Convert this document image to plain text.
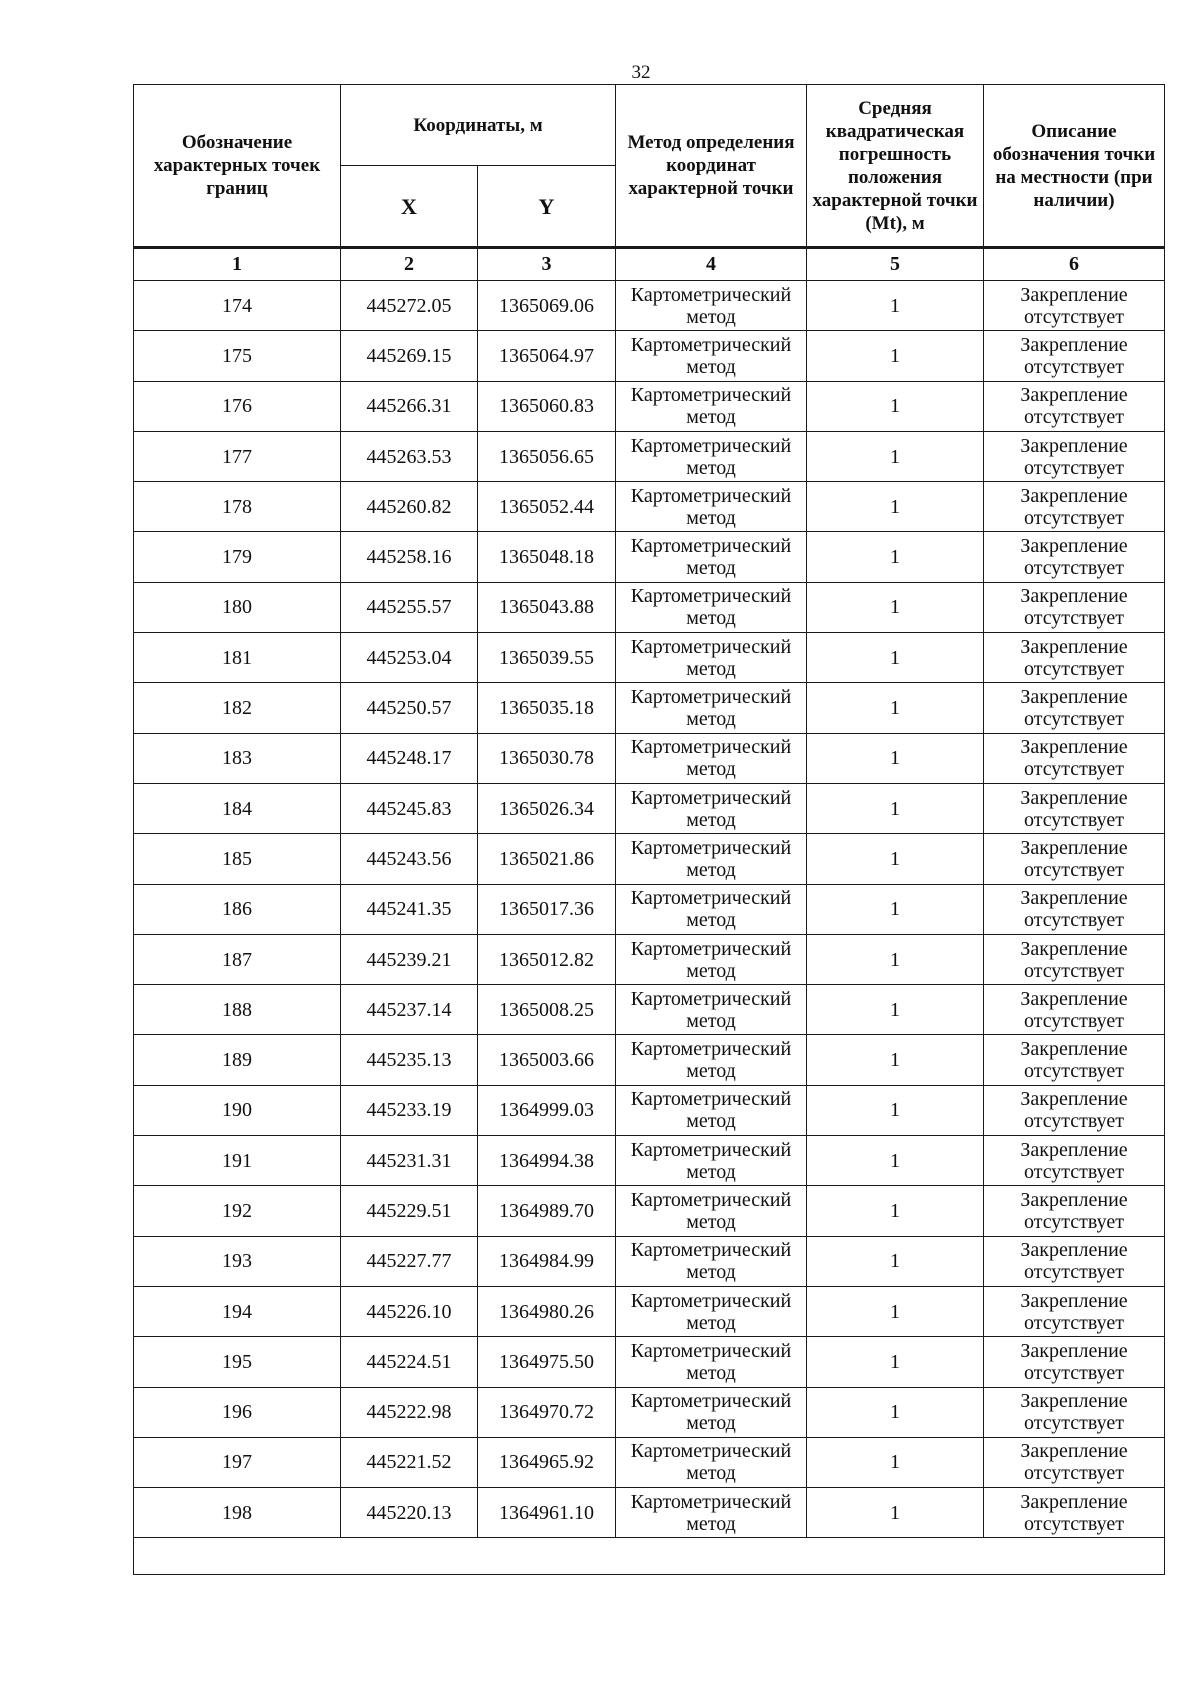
32
Обозначение характерных точек границ	Координаты, м		Метод определения координат характерной точки	Средняя квадратическая погрешность положения характерной точки (Mt), м	Описание обозначения точки на местности (при наличии)
	X	Y			
1	2	3	4	5	6
174	445272.05	1365069.06	Картометрический метод	1	Закрепление отсутствует
175	445269.15	1365064.97	Картометрический метод	1	Закрепление отсутствует
176	445266.31	1365060.83	Картометрический метод	1	Закрепление отсутствует
177	445263.53	1365056.65	Картометрический метод	1	Закрепление отсутствует
178	445260.82	1365052.44	Картометрический метод	1	Закрепление отсутствует
179	445258.16	1365048.18	Картометрический метод	1	Закрепление отсутствует
180	445255.57	1365043.88	Картометрический метод	1	Закрепление отсутствует
181	445253.04	1365039.55	Картометрический метод	1	Закрепление отсутствует
182	445250.57	1365035.18	Картометрический метод	1	Закрепление отсутствует
183	445248.17	1365030.78	Картометрический метод	1	Закрепление отсутствует
184	445245.83	1365026.34	Картометрический метод	1	Закрепление отсутствует
185	445243.56	1365021.86	Картометрический метод	1	Закрепление отсутствует
186	445241.35	1365017.36	Картометрический метод	1	Закрепление отсутствует
187	445239.21	1365012.82	Картометрический метод	1	Закрепление отсутствует
188	445237.14	1365008.25	Картометрический метод	1	Закрепление отсутствует
189	445235.13	1365003.66	Картометрический метод	1	Закрепление отсутствует
190	445233.19	1364999.03	Картометрический метод	1	Закрепление отсутствует
191	445231.31	1364994.38	Картометрический метод	1	Закрепление отсутствует
192	445229.51	1364989.70	Картометрический метод	1	Закрепление отсутствует
193	445227.77	1364984.99	Картометрический метод	1	Закрепление отсутствует
194	445226.10	1364980.26	Картометрический метод	1	Закрепление отсутствует
195	445224.51	1364975.50	Картометрический метод	1	Закрепление отсутствует
196	445222.98	1364970.72	Картометрический метод	1	Закрепление отсутствует
197	445221.52	1364965.92	Картометрический метод	1	Закрепление отсутствует
198	445220.13	1364961.10	Картометрический метод	1	Закрепление отсутствует
